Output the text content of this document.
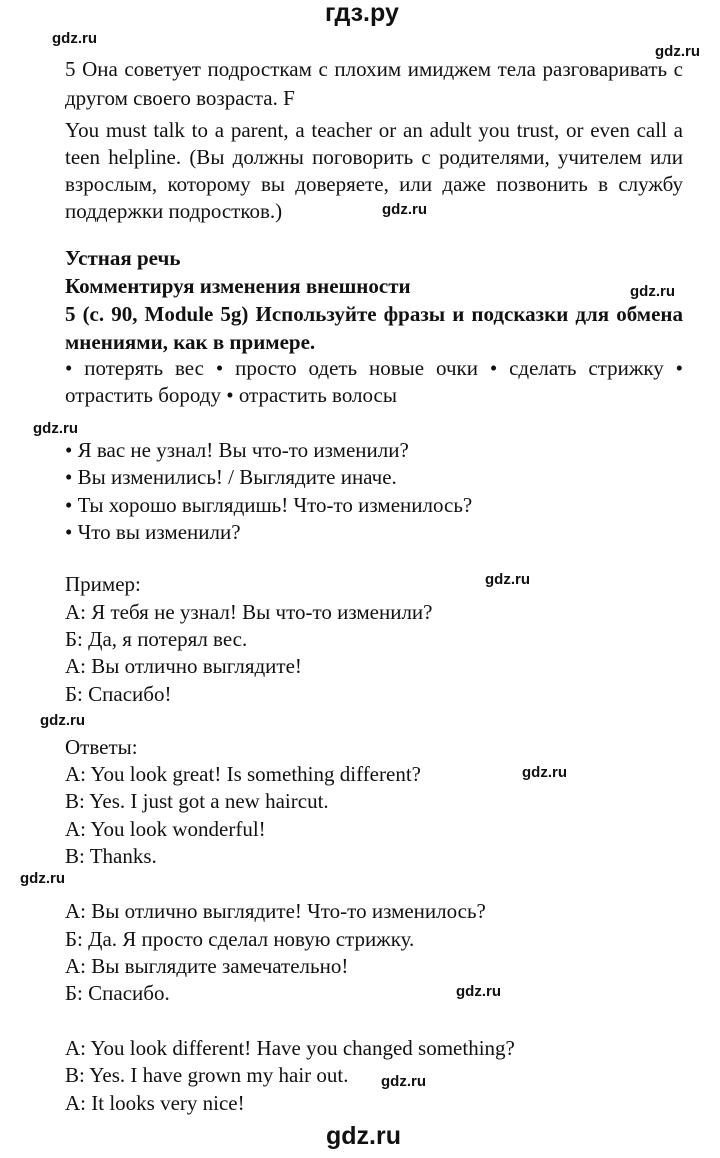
гдз.ру
gdz.ru
gdz.ru
gdz.ru
gdz.ru
gdz.ru
gdz.ru
gdz.ru
gdz.ru
gdz.ru
gdz.ru
gdz.ru
5 Она советует подросткам с плохим имиджем тела разговаривать с
другом своего возраста. F
You must talk to a parent, a teacher or an adult you trust, or even call a
teen helpline. (Вы должны поговорить с родителями, учителем или
взрослым, которому вы доверяете, или даже позвонить в службу
поддержки подростков.)
Устная речь
Комментируя изменения внешности
5 (с. 90, Module 5g) Используйте фразы и подсказки для обмена
мнениями, как в примере.
• потерять вес • просто одеть новые очки • сделать стрижку •
отрастить бороду • отрастить волосы
• Я вас не узнал! Вы что-то изменили?
• Вы изменились! / Выглядите иначе.
• Ты хорошо выглядишь! Что-то изменилось?
• Что вы изменили?
Пример:
А: Я тебя не узнал! Вы что-то изменили?
Б: Да, я потерял вес.
А: Вы отлично выглядите!
Б: Спасибо!
Ответы:
A: You look great! Is something different?
B: Yes. I just got a new haircut.
A: You look wonderful!
B: Thanks.
А: Вы отлично выглядите! Что-то изменилось?
Б: Да. Я просто сделал новую стрижку.
А: Вы выглядите замечательно!
Б: Спасибо.
A: You look different! Have you changed something?
B: Yes. I have grown my hair out.
A: It looks very nice!
gdz.ru
